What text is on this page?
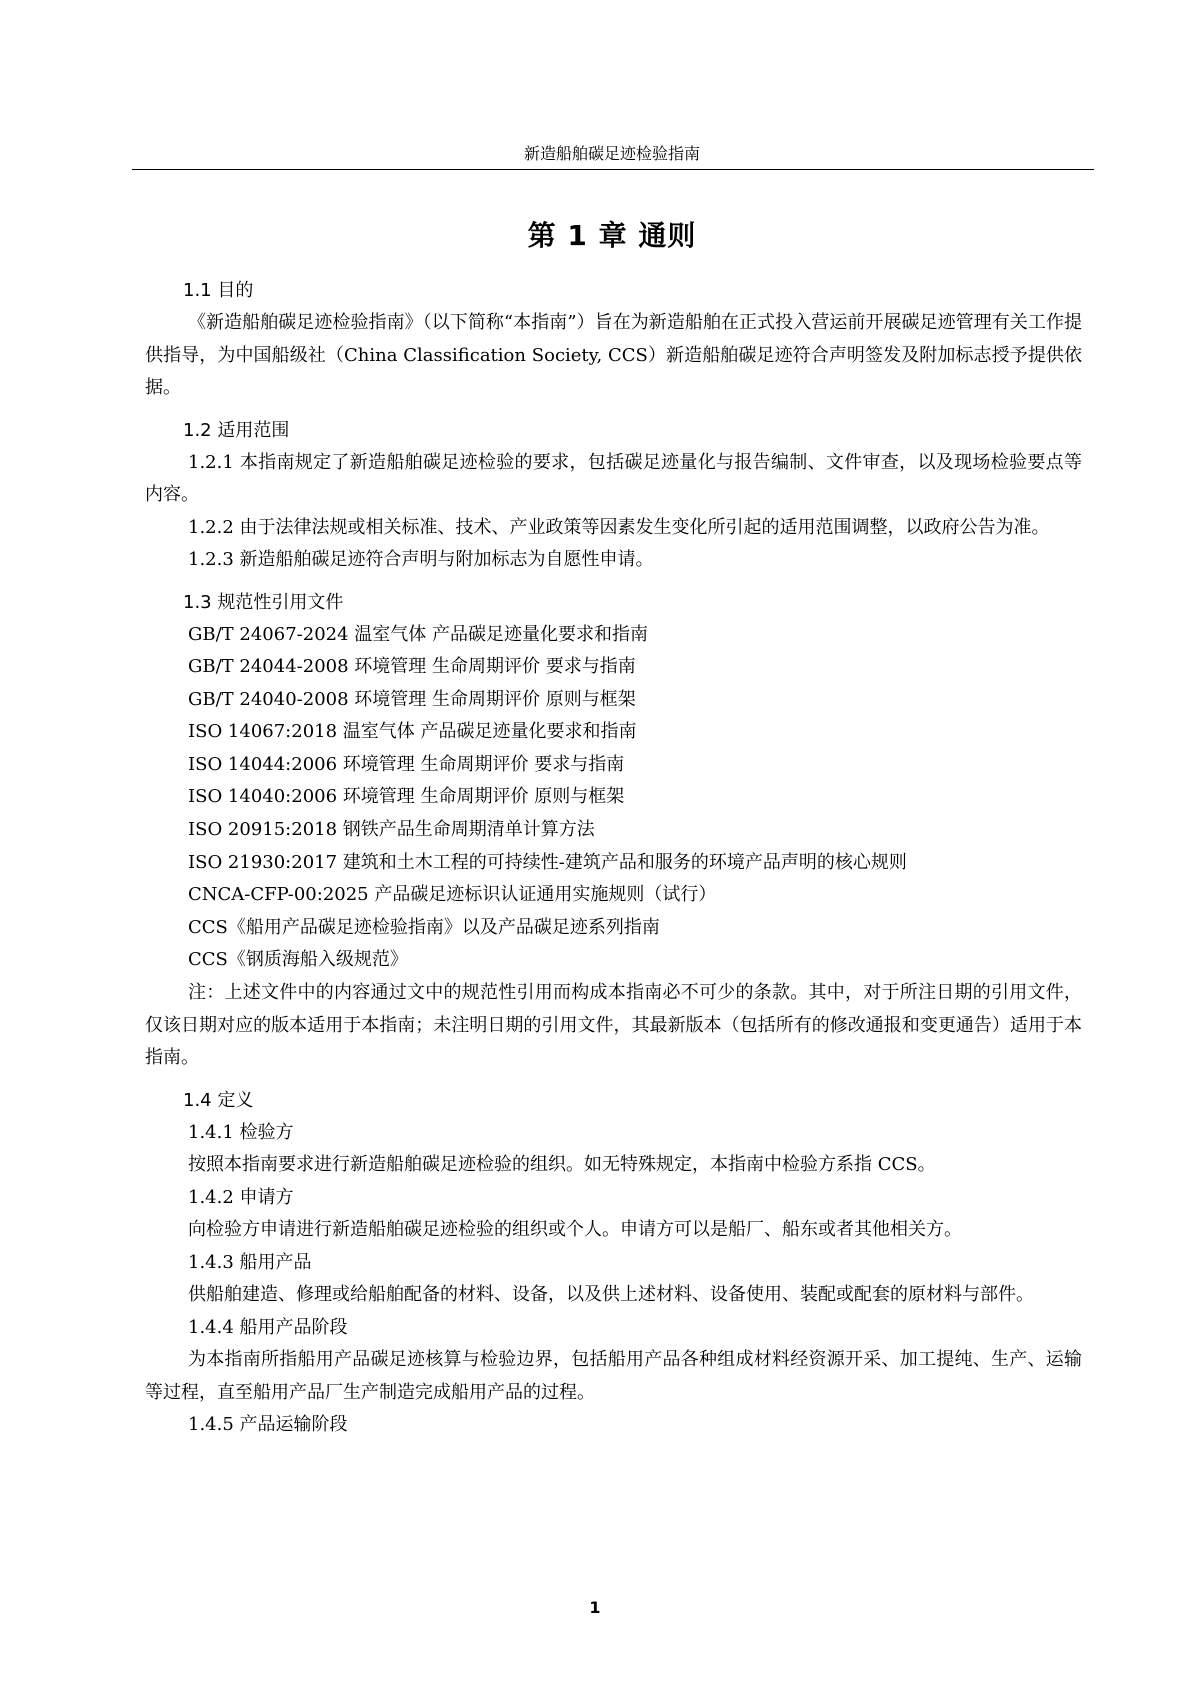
新造船舶碳足迹检验指南
第 1 章 通则

1.1 目的

《新造船舶碳足迹检验指南》（以下简称“本指南”）旨在为新造船舶在正式投入营运前开展碳足迹管理有关工作提供指导，为中国船级社（China Classification Society, CCS）新造船舶碳足迹符合声明签发及附加标志授予提供依据。

1.2 适用范围

1.2.1 本指南规定了新造船舶碳足迹检验的要求，包括碳足迹量化与报告编制、文件审查，以及现场检验要点等内容。

1.2.2 由于法律法规或相关标准、技术、产业政策等因素发生变化所引起的适用范围调整，以政府公告为准。

1.2.3 新造船舶碳足迹符合声明与附加标志为自愿性申请。

1.3 规范性引用文件

GB/T 24067-2024 温室气体 产品碳足迹量化要求和指南

GB/T 24044-2008 环境管理 生命周期评价 要求与指南

GB/T 24040-2008 环境管理 生命周期评价 原则与框架

ISO 14067:2018 温室气体 产品碳足迹量化要求和指南

ISO 14044:2006 环境管理 生命周期评价 要求与指南

ISO 14040:2006 环境管理 生命周期评价 原则与框架

ISO 20915:2018 钢铁产品生命周期清单计算方法

ISO 21930:2017 建筑和土木工程的可持续性-建筑产品和服务的环境产品声明的核心规则

CNCA-CFP-00:2025 产品碳足迹标识认证通用实施规则（试行）

CCS《船用产品碳足迹检验指南》以及产品碳足迹系列指南

CCS《钢质海船入级规范》

注：上述文件中的内容通过文中的规范性引用而构成本指南必不可少的条款。其中，对于所注日期的引用文件，仅该日期对应的版本适用于本指南；未注明日期的引用文件，其最新版本（包括所有的修改通报和变更通告）适用于本指南。

1.4 定义

1.4.1 检验方

按照本指南要求进行新造船舶碳足迹检验的组织。如无特殊规定，本指南中检验方系指 CCS。

1.4.2 申请方

向检验方申请进行新造船舶碳足迹检验的组织或个人。申请方可以是船厂、船东或者其他相关方。

1.4.3 船用产品

供船舶建造、修理或给船舶配备的材料、设备，以及供上述材料、设备使用、装配或配套的原材料与部件。

1.4.4 船用产品阶段

为本指南所指船用产品碳足迹核算与检验边界，包括船用产品各种组成材料经资源开采、加工提纯、生产、运输等过程，直至船用产品厂生产制造完成船用产品的过程。

1.4.5 产品运输阶段

1
